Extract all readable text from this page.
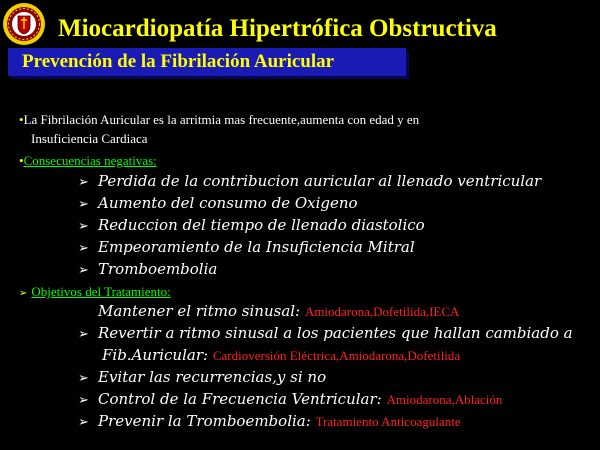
Miocardiopatía Hipertrófica Obstructiva
Prevención de la Fibrilación Auricular
•La Fibrilación Auricular es la arritmia mas frecuente,aumenta con edad y en
Insuficiencia Cardiaca
•Consecuencias negativas:
➢ Perdida de la contribucion auricular al llenado ventricular
➢ Aumento del consumo de Oxigeno
➢ Reduccion del tiempo de llenado diastolico
➢ Empeoramiento de la Insuficiencia Mitral
➢ Tromboembolia
➢ Objetivos del Tratamiento:
Mantener el ritmo sinusal: Amiodarona,Dofetilida,IECA
➢ Revertir a ritmo sinusal a los pacientes que hallan cambiado a
Fib.Auricular: Cardioversión Eléctrica,Amiodarona,Dofetilida
➢ Evitar las recurrencias,y si no
➢ Control de la Frecuencia Ventricular: Amiodarona,Ablación
➢ Prevenir la Tromboembolia: Tratamiento Anticoagulante
